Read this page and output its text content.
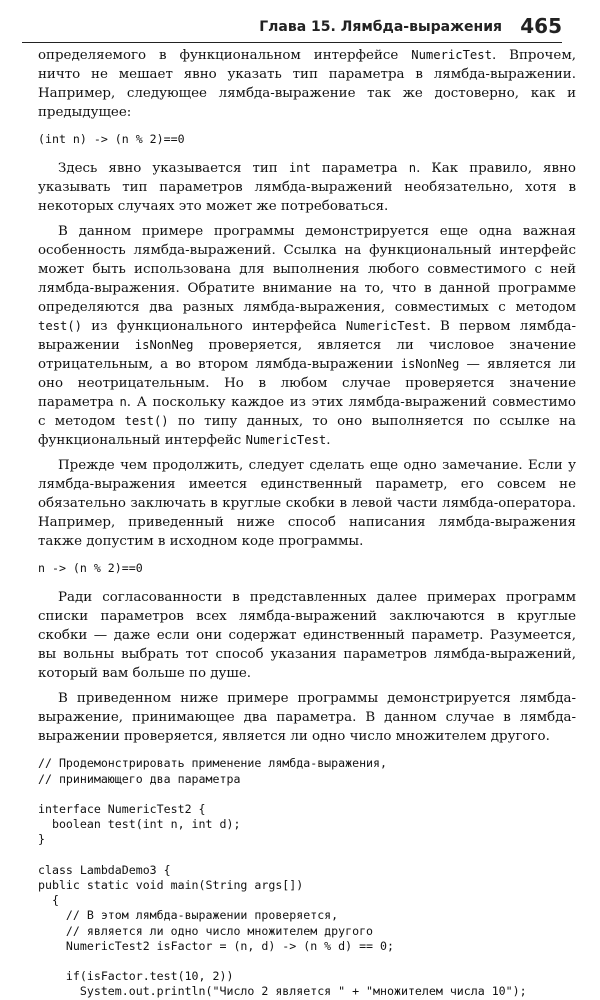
Глава 15. Лямбда-выражения 465

определяемого в функциональном интерфейсе NumericTest. Впрочем, ничто не мешает явно указать тип параметра в лямбда-выражении. Например, следующее лямбда-выражение так же достоверно, как и предыдущее:

(int n) -> (n % 2)==0

Здесь явно указывается тип int параметра n. Как правило, явно указывать тип параметров лямбда-выражений необязательно, хотя в некоторых случаях это может же потребоваться.

В данном примере программы демонстрируется еще одна важная особенность лямбда-выражений. Ссылка на функциональный интерфейс может быть использована для выполнения любого совместимого с ней лямбда-выражения. Обратите внимание на то, что в данной программе определяются два разных лямбда-выражения, совместимых с методом test() из функционального интерфейса NumericTest. В первом лямбда-выражении isNonNeg проверяется, является ли числовое значение отрицательным, а во втором лямбда-выражении isNonNeg — является ли оно неотрицательным. Но в любом случае проверяется значение параметра n. А поскольку каждое из этих лямбда-выражений совместимо с методом test() по типу данных, то оно выполняется по ссылке на функциональный интерфейс NumericTest.

Прежде чем продолжить, следует сделать еще одно замечание. Если у лямбда-выражения имеется единственный параметр, его совсем не обязательно заключать в круглые скобки в левой части лямбда-оператора. Например, приведенный ниже способ написания лямбда-выражения также допустим в исходном коде программы.

n -> (n % 2)==0

Ради согласованности в представленных далее примерах программ списки параметров всех лямбда-выражений заключаются в круглые скобки — даже если они содержат единственный параметр. Разумеется, вы вольны выбрать тот способ указания параметров лямбда-выражений, который вам больше по душе.

В приведенном ниже примере программы демонстрируется лямбда-выражение, принимающее два параметра. В данном случае в лямбда-выражении проверяется, является ли одно число множителем другого.

// Продемонстрировать применение лямбда-выражения,
// принимающего два параметра

interface NumericTest2 {
boolean test(int n, int d);
}

class LambdaDemo3 {
public static void main(String args[])
{
// В этом лямбда-выражении проверяется,
// является ли одно число множителем другого
NumericTest2 isFactor = (n, d) -> (n % d) == 0;

if(isFactor.test(10, 2))
System.out.println("Число 2 является " + "множителем числа 10");
